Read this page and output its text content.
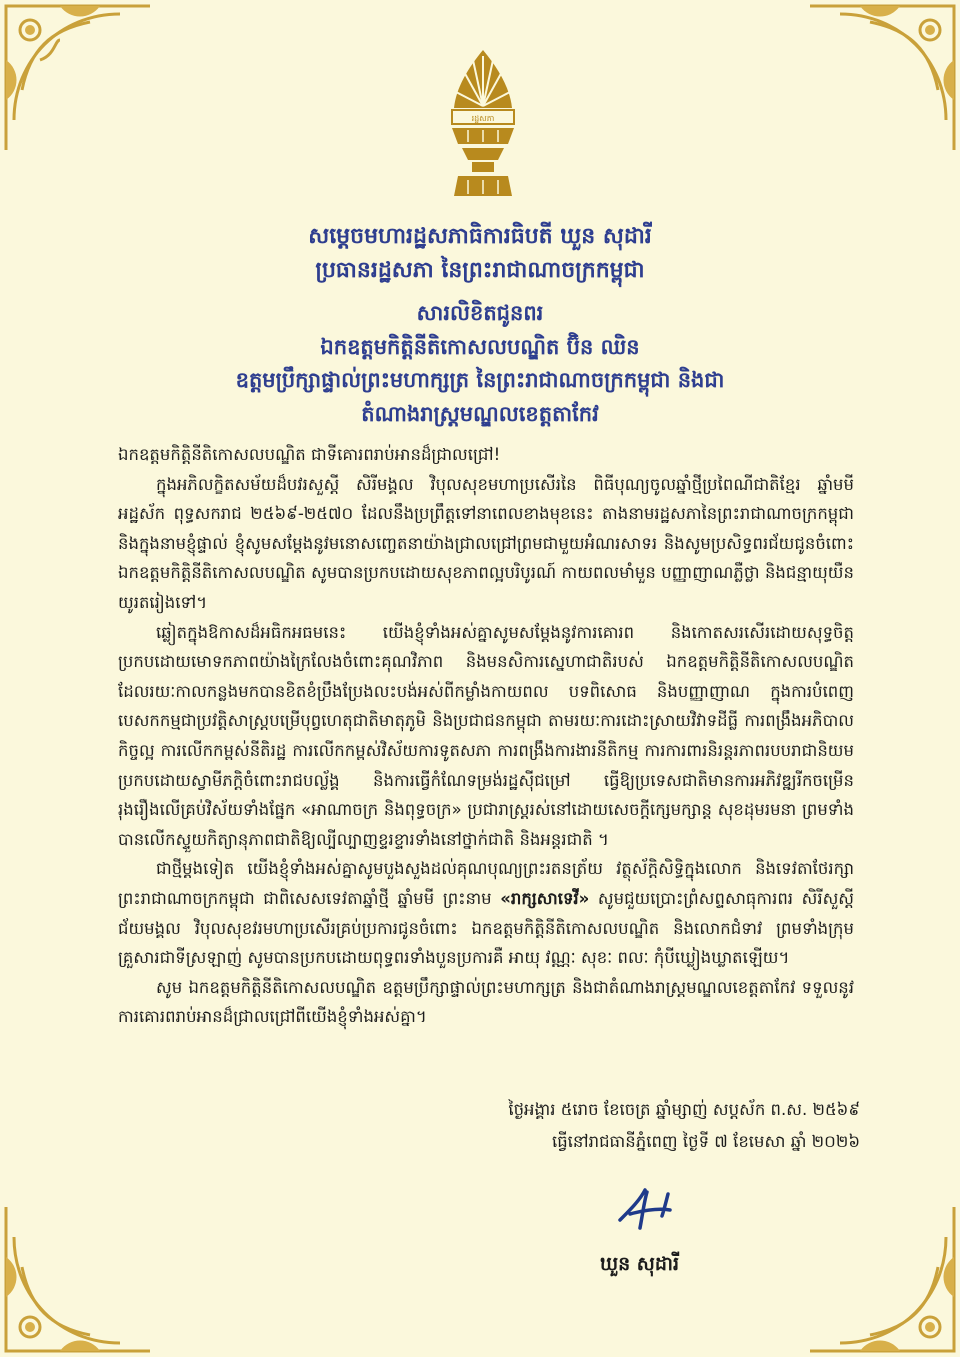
រដ្ឋសភា
សម្តេចមហារដ្ឋសភាធិការធិបតី ឃួន សុដារី
ប្រធានរដ្ឋសភា នៃព្រះរាជាណាចក្រកម្ពុជា
សារលិខិតជូនពរ
ឯកឧត្តមកិត្តិនីតិកោសលបណ្ឌិត ប៊ិន ឈិន
ឧត្តមប្រឹក្សាផ្ទាល់ព្រះមហាក្សត្រ នៃព្រះរាជាណាចក្រកម្ពុជា និងជា
តំណាងរាស្ត្រមណ្ឌលខេត្តតាកែវ

ឯកឧត្តមកិត្តិនីតិកោសលបណ្ឌិត ជាទីគោរពរាប់អានដ៏ជ្រាលជ្រៅ!

ក្នុងអភិលក្ខិតសម័យដ៏បវរសួស្តី សិរីមង្គល វិបុលសុខមហាប្រសើរនៃ ពិធីបុណ្យចូលឆ្នាំថ្មីប្រពៃណីជាតិខ្មែរ ឆ្នាំមមី អដ្ឋស័ក ពុទ្ធសករាជ ២៥៦៩-២៥៧០ ដែលនឹងប្រព្រឹត្តទៅនាពេលខាងមុខនេះ តាងនាមរដ្ឋសភានៃព្រះរាជាណាចក្រកម្ពុជា និងក្នុងនាមខ្ញុំផ្ទាល់ ខ្ញុំសូមសម្តែងនូវមនោសញ្ចេតនាយ៉ាងជ្រាលជ្រៅព្រមជាមួយអំណរសាទរ និងសូមប្រសិទ្ធពរជ័យជូនចំពោះ ឯកឧត្តមកិត្តិនីតិកោសលបណ្ឌិត សូមបានប្រកបដោយសុខភាពល្អបរិបូរណ៍ កាយពលមាំមួន បញ្ញាញាណភ្លឺថ្លា និងជន្មាយុយឺនយូរតរៀងទៅ។

ឆ្លៀតក្នុងឱកាសដ៏អធិកអធមនេះ យើងខ្ញុំទាំងអស់គ្នាសូមសម្តែងនូវការគោរព និងកោតសរសើរដោយសុទ្ធចិត្តប្រកបដោយមោទកភាពយ៉ាងក្រៃលែងចំពោះគុណវិភាព និងមនសិការស្នេហាជាតិរបស់ ឯកឧត្តមកិត្តិនីតិកោសលបណ្ឌិត ដែលរយៈកាលកន្លងមកបានខិតខំប្រឹងប្រែងលះបង់អស់ពីកម្លាំងកាយពល បទពិសោធ និងបញ្ញាញាណ ក្នុងការបំពេញបេសកកម្មជាប្រវត្តិសាស្ត្របម្រើបុព្វហេតុជាតិមាតុភូមិ និងប្រជាជនកម្ពុជា តាមរយៈការដោះស្រាយវិវាទដីធ្លី ការពង្រឹងអភិបាលកិច្ចល្អ ការលើកកម្ពស់នីតិរដ្ឋ ការលើកកម្ពស់វិស័យការទូតសភា ការពង្រឹងការងារនីតិកម្ម ការការពារនិរន្តរភាពរបបរាជានិយមប្រកបដោយស្វាមីភក្តិចំពោះរាជបល្ល័ង្គ និងការធ្វើកំណែទម្រង់រដ្ឋស៊ីជម្រៅ ធ្វើឱ្យប្រទេសជាតិមានការអភិវឌ្ឍរីកចម្រើនរុងរឿងលើគ្រប់វិស័យទាំងផ្នែក «អាណាចក្រ និងពុទ្ធចក្រ» ប្រជារាស្ត្ររស់នៅដោយសេចក្តីក្សេមក្សាន្ត សុខដុមរមនា ព្រមទាំងបានលើកស្ទួយកិត្យានុភាពជាតិឱ្យល្បីល្បាញខ្ទរខ្ទារទាំងនៅថ្នាក់ជាតិ និងអន្តរជាតិ ។

ជាថ្មីម្តងទៀត យើងខ្ញុំទាំងអស់គ្នាសូមបួងសួងដល់គុណបុណ្យព្រះរតនត្រ័យ វត្ថុស័ក្តិសិទ្ធិក្នុងលោក និងទេវតាថែរក្សាព្រះរាជាណាចក្រកម្ពុជា ជាពិសេសទេវតាឆ្នាំថ្មី ឆ្នាំមមី ព្រះនាម «រាក្សសាទេវី» សូមជួយប្រោះព្រំសព្ទសាធុការពរ សិរីសួស្តី ជ័យមង្គល វិបុលសុខវរមហាប្រសើរគ្រប់ប្រការជូនចំពោះ ឯកឧត្តមកិត្តិនីតិកោសលបណ្ឌិត និងលោកជំទាវ ព្រមទាំងក្រុមគ្រួសារជាទីស្រឡាញ់ សូមបានប្រកបដោយពុទ្ធពរទាំងបួនប្រការគឺ អាយុ វណ្ណៈ សុខៈ ពលៈ កុំបីឃ្លៀងឃ្លាតឡើយ។

សូម ឯកឧត្តមកិត្តិនីតិកោសលបណ្ឌិត ឧត្តមប្រឹក្សាផ្ទាល់ព្រះមហាក្សត្រ និងជាតំណាងរាស្ត្រមណ្ឌលខេត្តតាកែវ ទទួលនូវការគោរពរាប់អានដ៏ជ្រាលជ្រៅពីយើងខ្ញុំទាំងអស់គ្នា។

ថ្ងៃអង្គារ ៥រោច ខែចេត្រ ឆ្នាំម្សាញ់ សប្តស័ក ព.ស. ២៥៦៩
ធ្វើនៅរាជធានីភ្នំពេញ ថ្ងៃទី ៧ ខែមេសា ឆ្នាំ ២០២៦
ឃួន សុដារី
